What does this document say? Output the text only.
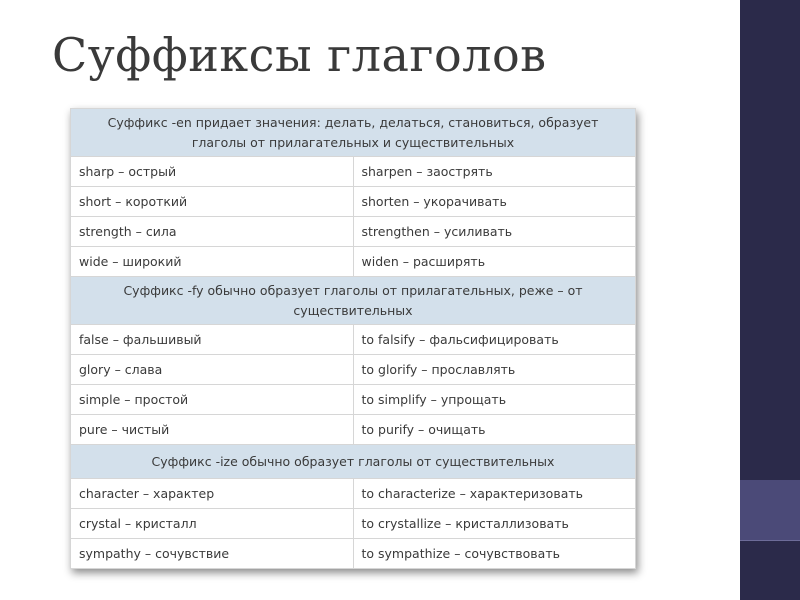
Суффиксы глаголов
Суффикс -en придает значения: делать, делаться, становиться, образует глаголы от прилагательных и существительных	
sharp – острый	sharpen – заострять
short – короткий	shorten – укорачивать
strength – сила	strengthen – усиливать
wide – широкий	widen – расширять
Суффикс -fy обычно образует глаголы от прилагательных, реже – от существительных	
false – фальшивый	to falsify – фальсифицировать
glory – слава	to glorify – прославлять
simple – простой	to simplify – упрощать
pure – чистый	to purify – очищать
Суффикс -ize обычно образует глаголы от существительных	
character – характер	to characterize – характеризовать
crystal – кристалл	to crystallize – кристаллизовать
sympathy – сочувствие	to sympathize – сочувствовать
